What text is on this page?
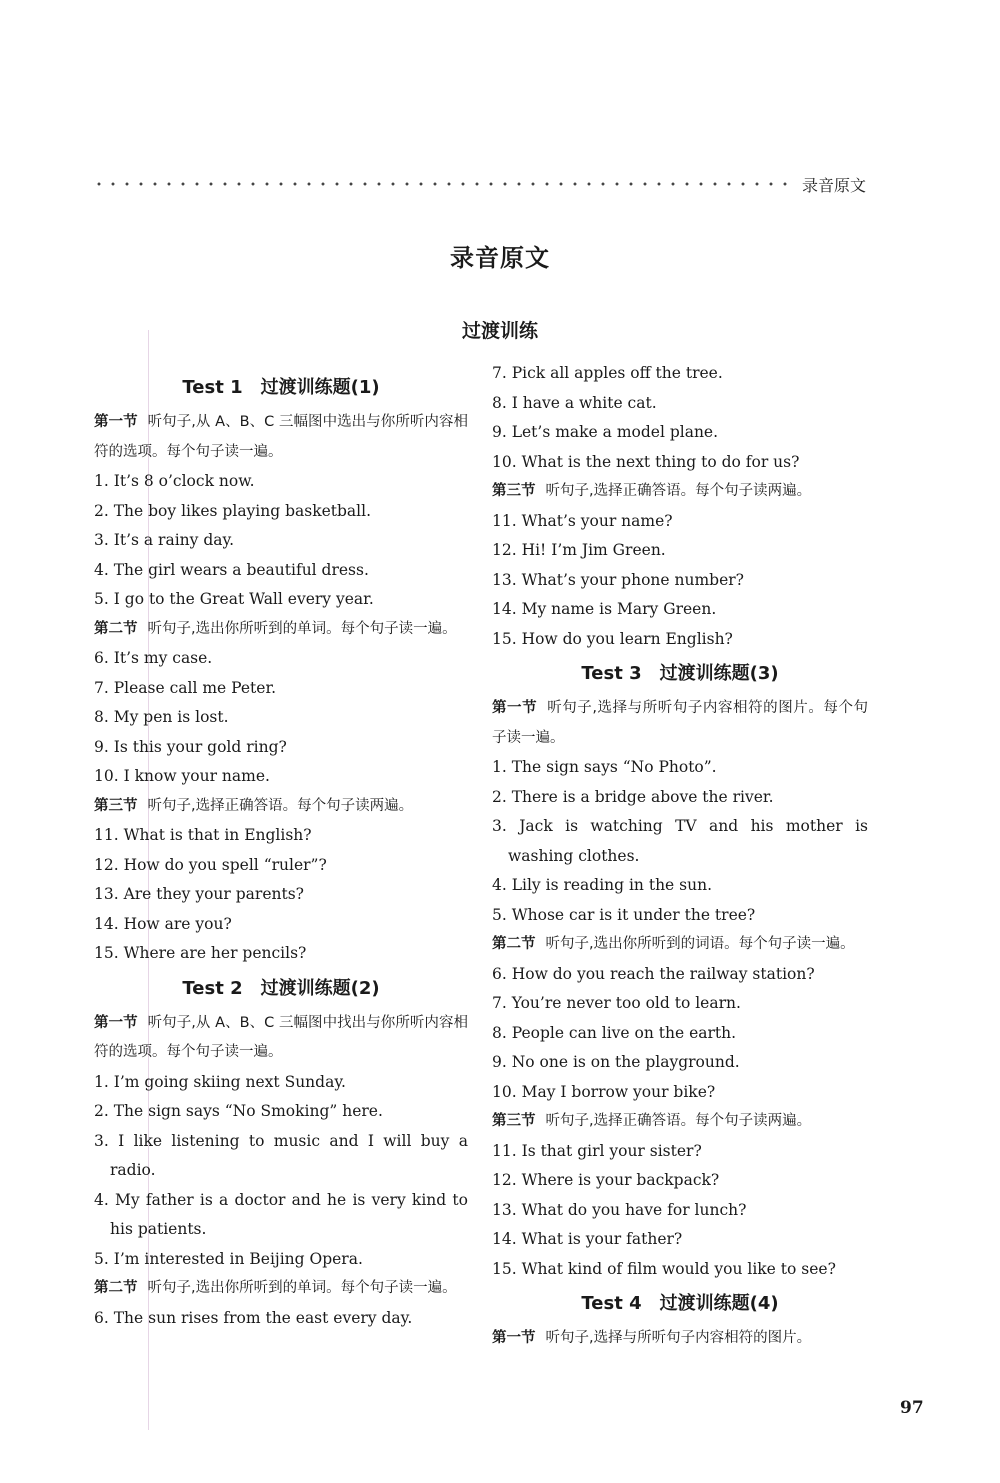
录音原文
录音原文
过渡训练
Test 1 过渡训练题(1)
第一节 听句子,从 A、B、C 三幅图中选出与你所听内容相符的选项。每个句子读一遍。
1. It’s 8 o’clock now.
2. The boy likes playing basketball.
3. It’s a rainy day.
4. The girl wears a beautiful dress.
5. I go to the Great Wall every year.
第二节 听句子,选出你所听到的单词。每个句子读一遍。
6. It’s my case.
7. Please call me Peter.
8. My pen is lost.
9. Is this your gold ring?
10. I know your name.
第三节 听句子,选择正确答语。每个句子读两遍。
11. What is that in English?
12. How do you spell “ruler”?
13. Are they your parents?
14. How are you?
15. Where are her pencils?
Test 2 过渡训练题(2)
第一节 听句子,从 A、B、C 三幅图中找出与你所听内容相符的选项。每个句子读一遍。
1. I’m going skiing next Sunday.
2. The sign says “No Smoking” here.
3. I like listening to music and I will buy a radio.
4. My father is a doctor and he is very kind to his patients.
5. I’m interested in Beijing Opera.
第二节 听句子,选出你所听到的单词。每个句子读一遍。
6. The sun rises from the east every day.
7. Pick all apples off the tree.
8. I have a white cat.
9. Let’s make a model plane.
10. What is the next thing to do for us?
第三节 听句子,选择正确答语。每个句子读两遍。
11. What’s your name?
12. Hi! I’m Jim Green.
13. What’s your phone number?
14. My name is Mary Green.
15. How do you learn English?
Test 3 过渡训练题(3)
第一节 听句子,选择与所听句子内容相符的图片。每个句子读一遍。
1. The sign says “No Photo”.
2. There is a bridge above the river.
3. Jack is watching TV and his mother is washing clothes.
4. Lily is reading in the sun.
5. Whose car is it under the tree?
第二节 听句子,选出你所听到的词语。每个句子读一遍。
6. How do you reach the railway station?
7. You’re never too old to learn.
8. People can live on the earth.
9. No one is on the playground.
10. May I borrow your bike?
第三节 听句子,选择正确答语。每个句子读两遍。
11. Is that girl your sister?
12. Where is your backpack?
13. What do you have for lunch?
14. What is your father?
15. What kind of film would you like to see?
Test 4 过渡训练题(4)
第一节 听句子,选择与所听句子内容相符的图片。
97
